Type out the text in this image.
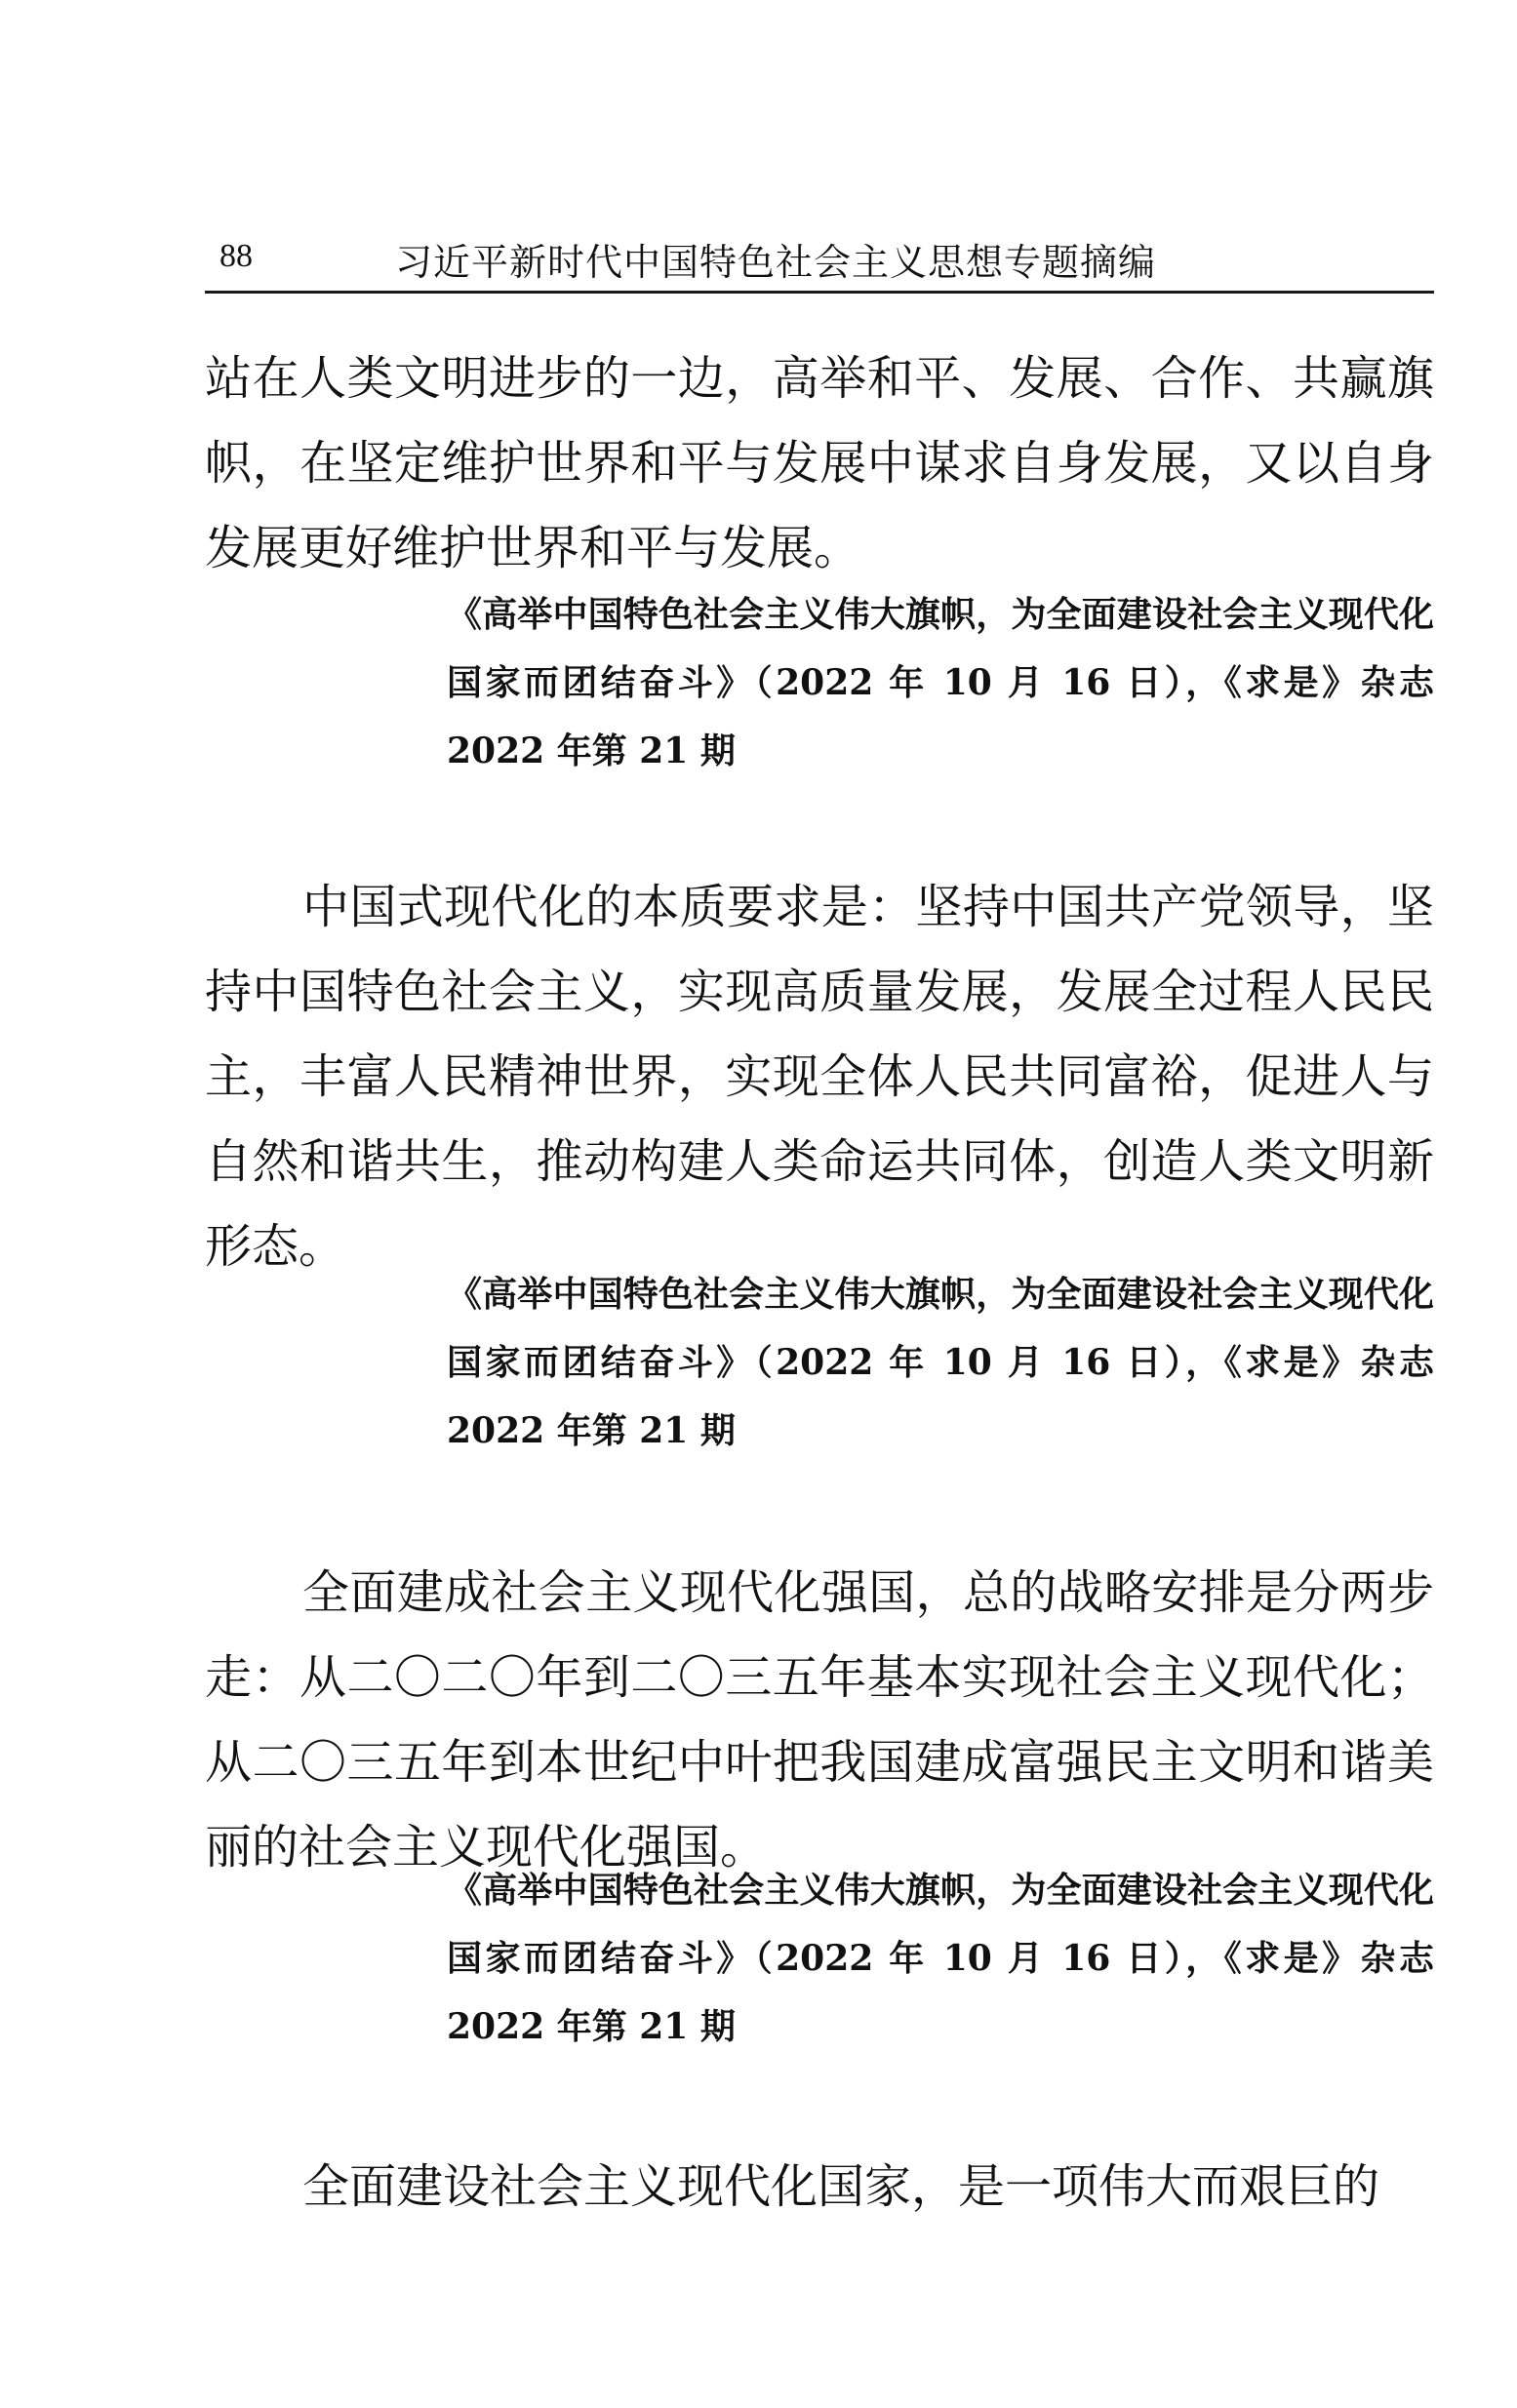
88	习近平新时代中国特色社会主义思想专题摘编

站在人类文明进步的一边，高举和平、发展、合作、共赢旗帜，在坚定维护世界和平与发展中谋求自身发展，又以自身发展更好维护世界和平与发展。

《高举中国特色社会主义伟大旗帜，为全面建设社会主义现代化国家而团结奋斗》（2022 年 10 月 16 日），《求是》杂志 2022 年第 21 期

中国式现代化的本质要求是：坚持中国共产党领导，坚持中国特色社会主义，实现高质量发展，发展全过程人民民主，丰富人民精神世界，实现全体人民共同富裕，促进人与自然和谐共生，推动构建人类命运共同体，创造人类文明新形态。

《高举中国特色社会主义伟大旗帜，为全面建设社会主义现代化国家而团结奋斗》（2022 年 10 月 16 日），《求是》杂志 2022 年第 21 期

全面建成社会主义现代化强国，总的战略安排是分两步走：从二〇二〇年到二〇三五年基本实现社会主义现代化；从二〇三五年到本世纪中叶把我国建成富强民主文明和谐美丽的社会主义现代化强国。

《高举中国特色社会主义伟大旗帜，为全面建设社会主义现代化国家而团结奋斗》（2022 年 10 月 16 日），《求是》杂志 2022 年第 21 期

全面建设社会主义现代化国家，是一项伟大而艰巨的
